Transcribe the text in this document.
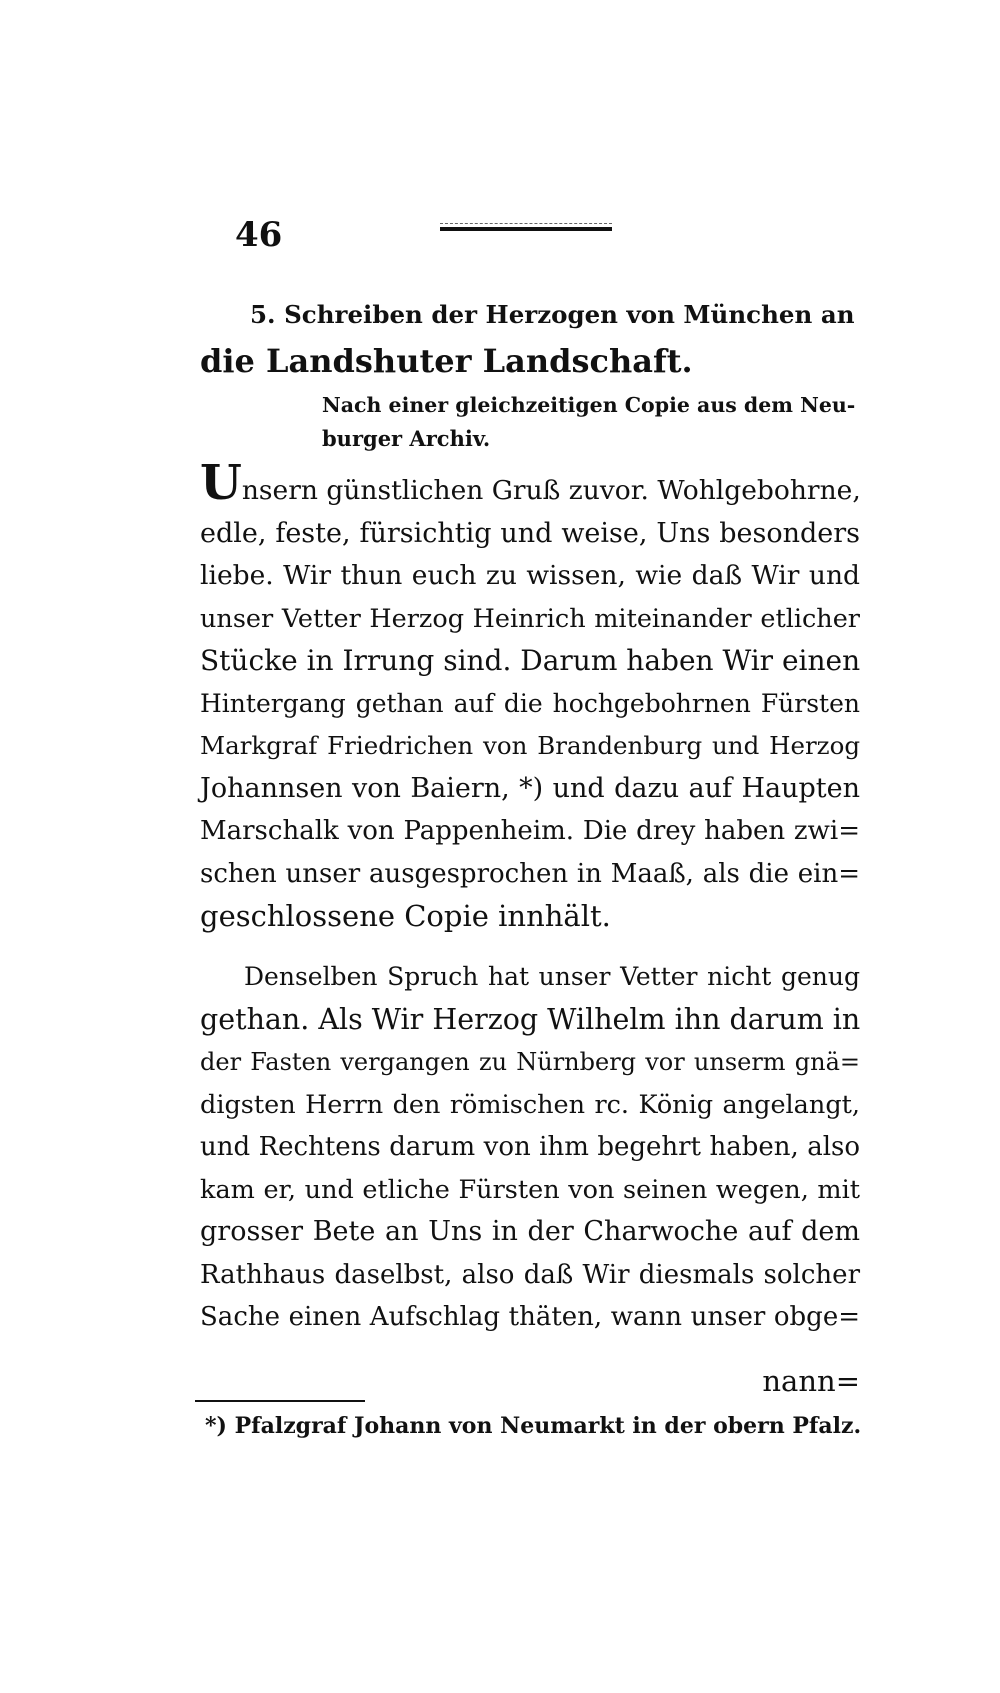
46
5. Schreiben der Herzogen von München an
die Landshuter Landschaft.
Nach einer gleichzeitigen Copie aus dem Neu-
burger Archiv.
Unsern günstlichen Gruß zuvor. Wohlgebohrne,
edle, feste, fürsichtig und weise, Uns besonders
liebe. Wir thun euch zu wissen, wie daß Wir und
unser Vetter Herzog Heinrich miteinander etlicher
Stücke in Irrung sind. Darum haben Wir einen
Hintergang gethan auf die hochgebohrnen Fürsten
Markgraf Friedrichen von Brandenburg und Herzog
Johannsen von Baiern, *) und dazu auf Haupten
Marschalk von Pappenheim. Die drey haben zwi=
schen unser ausgesprochen in Maaß, als die ein=
geschlossene Copie innhält.
Denselben Spruch hat unser Vetter nicht genug
gethan. Als Wir Herzog Wilhelm ihn darum in
der Fasten vergangen zu Nürnberg vor unserm gnä=
digsten Herrn den römischen rc. König angelangt,
und Rechtens darum von ihm begehrt haben, also
kam er, und etliche Fürsten von seinen wegen, mit
grosser Bete an Uns in der Charwoche auf dem
Rathhaus daselbst, also daß Wir diesmals solcher
Sache einen Aufschlag thäten, wann unser obge=
nann=
*) Pfalzgraf Johann von Neumarkt in der obern Pfalz.
